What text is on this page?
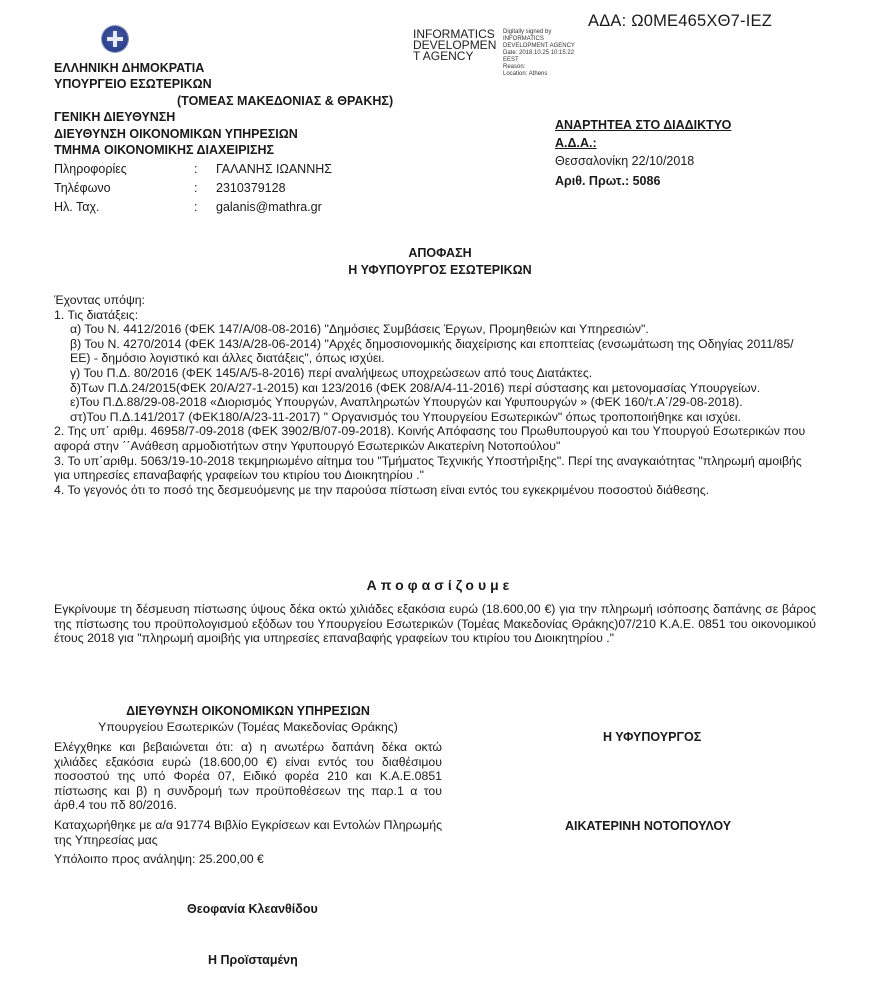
ΕΛΛΗΝΙΚΗ ΔΗΜΟΚΡΑΤΙΑ
ΥΠΟΥΡΓΕΙΟ ΕΣΩΤΕΡΙΚΩΝ
(ΤΟΜΕΑΣ ΜΑΚΕΔΟΝΙΑΣ & ΘΡΑΚΗΣ)
ΓΕΝΙΚΗ ΔΙΕΥΘΥΝΣΗ
ΔΙΕΥΘΥΝΣΗ ΟΙΚΟΝΟΜΙΚΩΝ ΥΠΗΡΕΣΙΩΝ
ΤΜΗΜΑ ΟΙΚΟΝΟΜΙΚΗΣ ΔΙΑΧΕΙΡΙΣΗΣ
Πληροφορίες	: ΓΑΛΑΝΗΣ ΙΩΑΝΝΗΣ
Τηλέφωνο	: 2310379128
Ηλ. Ταχ.	: galanis@mathra.gr
INFORMATICS
DEVELOPMEN
T AGENCY
Digitally signed by
INFORMATICS
DEVELOPMENT AGENCY
Date: 2018.10.25 10:15:22
EEST
Reason:
Location: Athens
ΑΔΑ: Ω0ΜΕ465ΧΘ7-ΙΕΖ
ΑΝΑΡΤΗΤΕΑ ΣΤΟ ΔΙΑΔΙΚΤΥΟ
Α.Δ.Α.:
Θεσσαλονίκη 22/10/2018
Αριθ. Πρωτ.: 5086
ΑΠΟΦΑΣΗ
Η ΥΦΥΠΟΥΡΓΟΣ ΕΣΩΤΕΡΙΚΩΝ
Έχοντας υπόψη:
1. Τις διατάξεις:
α) Του Ν. 4412/2016 (ΦΕΚ 147/Α/08-08-2016) "Δημόσιες Συμβάσεις Έργων, Προμηθειών και Υπηρεσιών".
β) Του Ν. 4270/2014 (ΦΕΚ 143/Α/28-06-2014) "Αρχές δημοσιονομικής διαχείρισης και εποπτείας (ενσωμάτωση της Οδηγίας 2011/85/ΕΕ) - δημόσιο λογιστικό και άλλες διατάξεις", όπως ισχύει.
γ) Του Π.Δ. 80/2016 (ΦΕΚ 145/Α/5-8-2016) περί αναλήψεως υποχρεώσεων από τους Διατάκτες.
δ)Των Π.Δ.24/2015(ΦΕΚ 20/Α/27-1-2015) και 123/2016 (ΦΕΚ 208/Α/4-11-2016) περί σύστασης και μετονομασίας Υπουργείων.
ε)Του Π.Δ.88/29-08-2018 «Διορισμός Υπουργών, Αναπληρωτών Υπουργών και Υφυπουργών » (ΦΕΚ 160/τ.Α΄/29-08-2018).
στ)Του Π.Δ.141/2017 (ΦΕΚ180/Α/23-11-2017) " Οργανισμός του Υπουργείου Εσωτερικών" όπως τροποποιήθηκε και ισχύει.
2. Της υπ΄ αριθμ. 46958/7-09-2018 (ΦΕΚ 3902/Β/07-09-2018). Κοινής Απόφασης του Πρωθυπουργού και του Υπουργού Εσωτερικών που αφορά στην ΄΄Ανάθεση αρμοδιοτήτων στην Υφυπουργό Εσωτερικών Αικατερίνη Νοτοπούλου"
3. Το υπ΄αριθμ. 5063/19-10-2018 τεκμηριωμένο αίτημα του "Τμήματος Τεχνικής Υποστήριξης". Περί της αναγκαιότητας "πληρωμή αμοιβής για υπηρεσίες επαναβαφής γραφείων του κτιρίου του Διοικητηρίου ."
4. Το γεγονός ότι το ποσό της δεσμευόμενης με την παρούσα πίστωση είναι εντός του εγκεκριμένου ποσοστού διάθεσης.
Αποφασίζουμε
Εγκρίνουμε τη δέσμευση πίστωσης ύψους δέκα οκτώ χιλιάδες εξακόσια ευρώ (18.600,00 €) για την πληρωμή ισόποσης δαπάνης σε βάρος της πίστωσης του προϋπολογισμού εξόδων του Υπουργείου Εσωτερικών (Τομέας Μακεδονίας Θράκης)07/210 Κ.Α.Ε. 0851 του οικονομικού έτους 2018 για "πληρωμή αμοιβής για υπηρεσίες επαναβαφής γραφείων του κτιρίου του Διοικητηρίου ."
ΔΙΕΥΘΥΝΣΗ ΟΙΚΟΝΟΜΙΚΩΝ ΥΠΗΡΕΣΙΩΝ
Υπουργείου Εσωτερικών (Τομέας Μακεδονίας Θράκης)
Ελέγχθηκε και βεβαιώνεται ότι: α) η ανωτέρω δαπάνη δέκα οκτώ χιλιάδες εξακόσια ευρώ (18.600,00 €) είναι εντός του διαθέσιμου ποσοστού της υπό Φορέα 07, Ειδικό φορέα 210 και Κ.Α.Ε.0851 πίστωσης και β) η συνδρομή των προϋποθέσεων της παρ.1 α του άρθ.4 του πδ 80/2016.
Καταχωρήθηκε με α/α 91774 Βιβλίο Εγκρίσεων και Εντολών Πληρωμής της Υπηρεσίας μας
Υπόλοιπο προς ανάληψη: 25.200,00 €
Θεοφανία Κλεανθίδου
Η Προϊσταμένη
Η ΥΦΥΠΟΥΡΓΟΣ
ΑΙΚΑΤΕΡΙΝΗ ΝΟΤΟΠΟΥΛΟΥ
